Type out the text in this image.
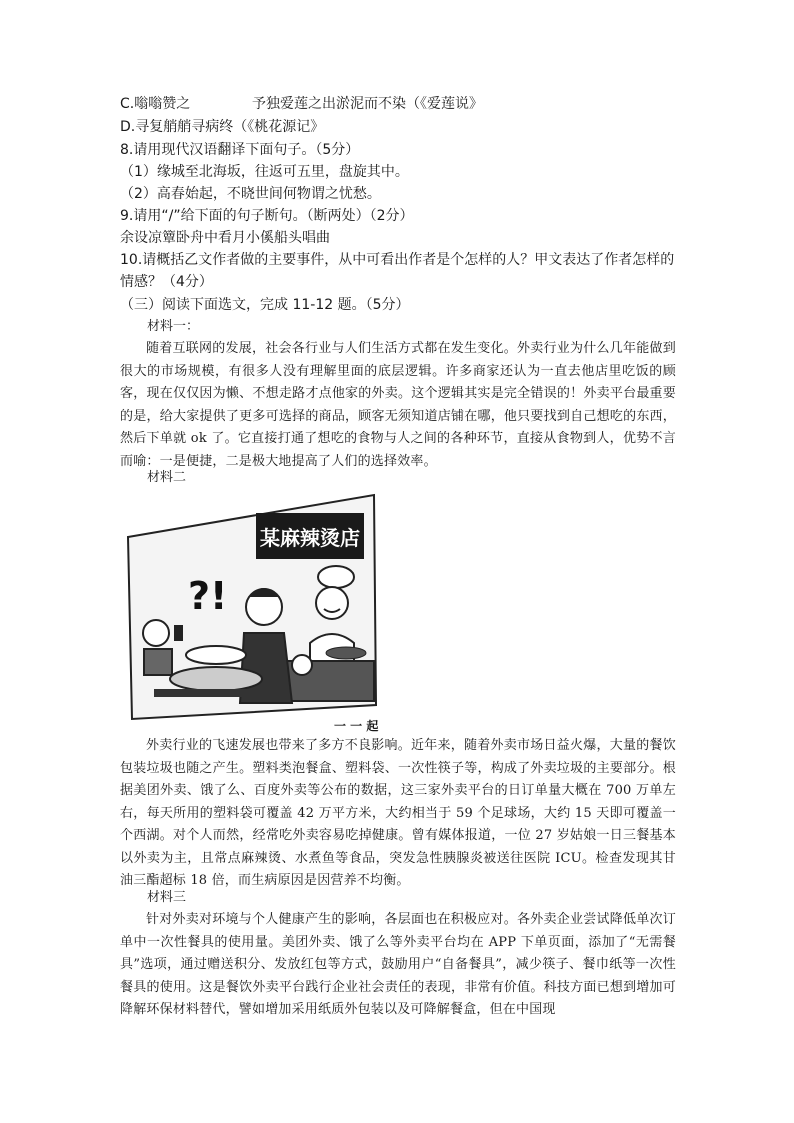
C.嗡嗡赞之	予独爱莲之出淤泥而不染（《爱莲说》
D.寻复艄艄寻病终（《桃花源记》
8.请用现代汉语翻译下面句子。（5分）
（1）缘城至北海坂，往返可五里，盘旋其中。
（2）高春始起，不晓世间何物谓之忧愁。
9.请用“/”给下面的句子断句。（断两处）（2分）
余设凉簟卧舟中看月小傒船头唱曲
10.请概括乙文作者做的主要事件，从中可看出作者是个怎样的人？甲文表达了作者怎样的
情感？（4分）
（三）阅读下面选文，完成 11-12 题。（5分）
材料一：
随着互联网的发展，社会各行业与人们生活方式都在发生变化。外卖行业为什么几年能做到很大的市场规模，有很多人没有理解里面的底层逻辑。许多商家还认为一直去他店里吃饭的顾客，现在仅仅因为懒、不想走路才点他家的外卖。这个逻辑其实是完全错误的！外卖平台最重要的是，给大家提供了更多可选择的商品，顾客无须知道店铺在哪，他只要找到自己想吃的东西，然后下单就 ok 了。它直接打通了想吃的食物与人之间的各种环节，直接从食物到人，优势不言而喻：一是便捷，二是极大地提高了人们的选择效率。
材料二
某麻辣烫店
?!
一 一 起
外卖行业的飞速发展也带来了多方不良影响。近年来，随着外卖市场日益火爆，大量的餐饮包装垃圾也随之产生。塑料类泡餐盒、塑料袋、一次性筷子等，构成了外卖垃圾的主要部分。根据美团外卖、饿了么、百度外卖等公布的数据，这三家外卖平台的日订单量大概在 700 万单左右，每天所用的塑料袋可覆盖 42 万平方米，大约相当于 59 个足球场，大约 15 天即可覆盖一个西湖。对个人而然，经常吃外卖容易吃掉健康。曾有媒体报道，一位 27 岁姑娘一日三餐基本以外卖为主，且常点麻辣烫、水煮鱼等食品，突发急性胰腺炎被送往医院 ICU。检查发现其甘油三酯超标 18 倍，而生病原因是因营养不均衡。
材料三
针对外卖对环境与个人健康产生的影响，各层面也在积极应对。各外卖企业尝试降低单次订单中一次性餐具的使用量。美团外卖、饿了么等外卖平台均在 APP 下单页面，添加了“无需餐具”选项，通过赠送积分、发放红包等方式，鼓励用户“自备餐具”，减少筷子、餐巾纸等一次性餐具的使用。这是餐饮外卖平台践行企业社会责任的表现，非常有价值。科技方面已想到增加可降解环保材料替代，譬如增加采用纸质外包装以及可降解餐盒，但在中国现
